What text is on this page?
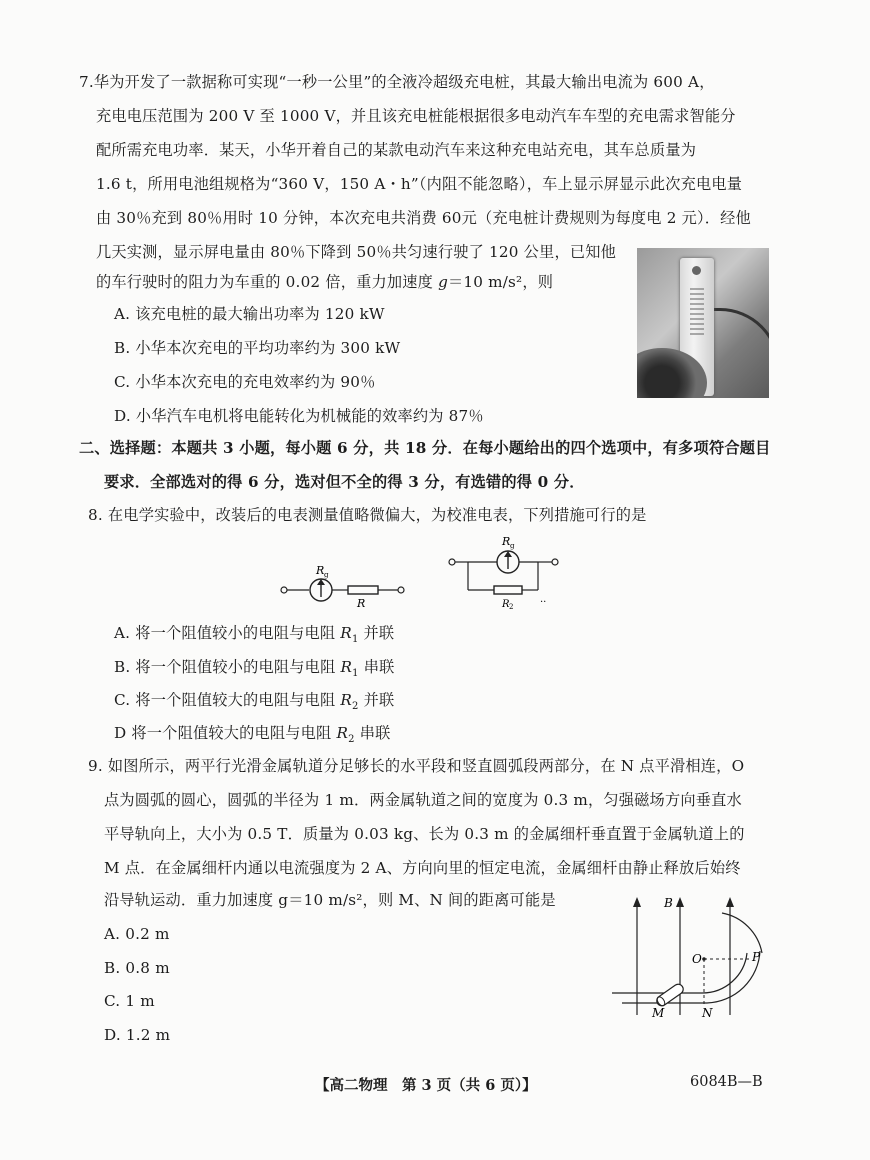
7.华为开发了一款据称可实现“一秒一公里”的全液冷超级充电桩，其最大输出电流为 600 A，
充电电压范围为 200 V 至 1000 V，并且该充电桩能根据很多电动汽车车型的充电需求智能分
配所需充电功率．某天，小华开着自己的某款电动汽车来这种充电站充电，其车总质量为
1.6 t，所用电池组规格为“360 V，150 A・h”（内阻不能忽略），车上显示屏显示此次充电电量
由 30％充到 80％用时 10 分钟，本次充电共消费 60元（充电桩计费规则为每度电 2 元）．经他
几天实测，显示屏电量由 80％下降到 50％共匀速行驶了 120 公里，已知他
的车行驶时的阻力为车重的 0.02 倍，重力加速度 g＝10 m/s²，则
A. 该充电桩的最大输出功率为 120 kW
B. 小华本次充电的平均功率约为 300 kW
C. 小华本次充电的充电效率约为 90％
D. 小华汽车电机将电能转化为机械能的效率约为 87％
二、选择题：本题共 3 小题，每小题 6 分，共 18 分．在每小题给出的四个选项中，有多项符合题目
要求．全部选对的得 6 分，选对但不全的得 3 分，有选错的得 0 分．
8. 在电学实验中，改装后的电表测量值略微偏大，为校准电表，下列措施可行的是
R g
R
R g
R 2
..
A. 将一个阻值较小的电阻与电阻 $R_1$ 并联
B. 将一个阻值较小的电阻与电阻 $R_1$ 串联
C. 将一个阻值较大的电阻与电阻 $R_2$ 并联
D 将一个阻值较大的电阻与电阻 $R_2$ 串联
9. 如图所示，两平行光滑金属轨道分足够长的水平段和竖直圆弧段两部分，在 N 点平滑相连，O
点为圆弧的圆心，圆弧的半径为 1 m．两金属轨道之间的宽度为 0.3 m，匀强磁场方向垂直水
平导轨向上，大小为 0.5 T．质量为 0.03 kg、长为 0.3 m 的金属细杆垂直置于金属轨道上的
M 点．在金属细杆内通以电流强度为 2 A、方向向里的恒定电流，金属细杆由静止释放后始终
沿导轨运动．重力加速度 g＝10 m/s²，则 M、N 间的距离可能是
A. 0.2 m
B. 0.8 m
C. 1 m
D. 1.2 m
B
O	P
M	N
【高二物理　第 3 页（共 6 页）】	6084B—B
